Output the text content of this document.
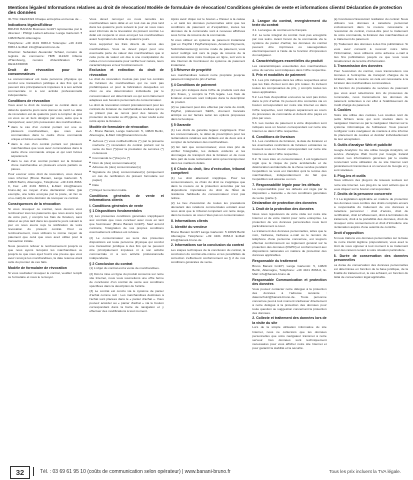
Mentions légales/ Informations relatives au droit de révocation/ Modèle de formulaire de révocation/ Conditions générales de vente et informations clients/ Déclaration de protection des données

ID-TVA: DE223324 Chaque entreprise est tenue de ...

Indications légales/Editeur

BRUNO BANANI Business GmbH représentée par le directeur : Philipp Liebert adresse: Lange Gartenstr. 5 10829 Berlin Allemagne

Téléphone: +49 4101 8063-0 Télécopie: +49 4101 8063-1 E-Mail: info@banani-bruno.de

Direction: Sebastian Alexander Schaul, numéro de registre de commerce: HRB 112420 tribunal d'Hambourg, numéro d'identification TVA DE113330098

Droit de révocation pour les consommateurs

Le consommateur est toute personne physique qui conclut une transaction juridique à des fins qui ne peuvent être principalement imputées ni à son activité commerciale ni à son activité professionnelle indépendante.

Conditions de révocation

Vous avez le droit de révoquer ce contrat dans un délai de quatorze jours sans donner de motif. Le délai de révocation est de quatorze jours à compter du jour où vous ou un tiers désigné par vous, autre que le transporteur, avez pris possession des marchandises.

■ dans le cas d'un contrat portant sur une ou plusieurs marchandises, que vous avez commandées dans le cadre d'une commande unique et livrées ensemble.

■ dans le cas d'un contrat portant sur plusieurs marchandises que vous avez commandées dans le cadre d'une commande unique et qui sont livrées séparément.

■ dans le cas d'un contrat portant sur la livraison d'une marchandise en plusieurs envois partiels ou pièces.

Pour exercer votre droit de révocation, vous devez nous informer (Bruno Banani, Lange Gartenstr. 5, 10829 Berlin, Allemagne, Téléphone: +49 4101 8063-0, Fax: +49 4101 8063-1, E-Mail: info@banani-bruno.de) au moyen d'une déclaration claire (par exemple, une lettre envoyée par la poste, un fax ou un e-mail) de votre décision de révoquer ce contrat.

Conséquences de la révocation

Si vous révoquez ce contrat, nous devons vous rembourser tous les paiements que nous avons reçus de votre part, y compris les frais de livraison, sans délai et au plus tard dans les quatorze jours suivant le jour où nous avons reçu la notification de votre révocation du présent contrat. Pour ce remboursement, nous utilisons le même moyen de paiement que celui que vous avez utilisé pour la transaction initiale.

Nous pouvons refuser le remboursement jusqu'à ce que nous ayons récupéré les marchandises ou jusqu'à ce que vous ayez fourni une preuve que vous avez renvoyé les marchandises, la date retenue étant celle du premier de ces faits.

Modèle de formulaire de révocation

Si vous souhaitez révoquer le contrat, veuillez remplir ce formulaire et nous le renvoyer.

Vous devez renvoyer ou nous remettre les marchandises sans délai et en tout cas au plus tard dans les quatorze jours suivant le jour où vous nous avez informés de la révocation du présent contrat. Le délai est respecté si vous envoyez les marchandises avant l'expiration du délai de quatorze jours.

Vous supportez les frais directs de renvoi des marchandises. Vous ne devez payer pour une éventuelle perte de valeur des marchandises que si cette perte de valeur est due à une manipulation de celles-ci non nécessaire pour vérifier leur nature, leurs caractéristiques et leur fonctionnement.

Exclusion et extinction du droit de révocation

Le droit de révocation n'existe pas pour les contrats de livraison de marchandises qui ne sont pas préfabriquées et pour la fabrication desquelles un choix ou une détermination individuelle par le consommateur est déterminant ou qui sont clairement adaptées aux besoins personnels du consommateur.

Le droit de révocation s'éteint prématurément pour les contrats de livraison de marchandises scellées qui ne se prêtent pas au renvoi pour des raisons de protection de la santé ou d'hygiène, si leur scellé a été retiré après la livraison.

Modèle de formulaire de révocation

A : Bruno Banani, Lange Gartenstr. 5, 10829 Berlin, Allemagne, E-Mail: info@banani-bruno.de

■ Je/nous (*) vous notifie/notifions (*) par la présente ma/notre (*) révocation du contrat portant sur la vente du bien (*)/pour la prestation de services (*) ci-dessous

■ Commandé le (*)/reçu le (*)

■ Nom du (des) consommateur(s)

■ Adresse du (des) consommateur(s)

■ Signature du (des) consommateur(s) (uniquement en cas de notification du présent formulaire sur papier)

■ Date

(*) Rayez la mention inutile.

Conditions générales de vente et informations clients
I. Conditions générales de vente
§ 1 Dispositions fondamentales

(1) Les présentes conditions générales s'appliquent aux contrats que vous concluez avec nous en tant que fournisseur (Bruno Banani GmbH). Sauf accord contraire, l'intégration de vos propres conditions éventuellement utilisées est refusée.

(2) Le consommateur au sens des présentes dispositions est toute personne physique qui conclut une transaction juridique à des fins qui ne peuvent être principalement imputées ni à son activité commerciale ni à son activité professionnelle indépendante.

§ 2 Conclusion du contrat

(1) L'objet du contrat est la vente de marchandises.

(2) Dès la mise en ligne du produit concerné sur notre site Internet, nous vous soumettons une offre ferme de conclusion d'un contrat de vente aux conditions spécifiées dans la description de l'article.

(3) Le contrat est conclu via le système de panier d'achat comme suit : Les marchandises destinées à l'achat sont placées dans le « panier d'achat ». Vous pouvez accéder au « panier d'achat » via le bouton correspondant dans la barre de navigation et y effectuer des modifications à tout moment.

Après avoir cliqué sur le bouton « Passer à la caisse » et saisi les données personnelles ainsi que les conditions de paiement et d'expédition, toutes les données de la commande sont à nouveau affichées sous forme de résumé de la commande.

Si vous utilisez un système de paiement instantané (par ex. PayPal / PayPal Express, Amazon Payments, Sofortüberweisung) comme mode de paiement, vous serez redirigé soit vers la page de résumé de la commande dans notre boutique en ligne, soit vers le site Internet du fournisseur du système de paiement instantané.

§ 3 Réserve de propriété

Les marchandises restent notre propriété jusqu'au paiement intégral du prix d'achat.

§ 4 Conditions de paiement

(1) Les prix indiqués dans l'offre de produits sont des prix finaux, y compris la TVA légale. Les frais de livraison éventuels sont indiqués dans la description du produit.

(2) Le paiement peut être effectué par carte de crédit, PayPal, prélèvement SEPA, virement bancaire anticipé ou sur facture selon les options proposées dans la boutique.

§ 5 Garantie

(1) Les droits de garantie légaux s'appliquent. Pour les consommateurs, le délai de prescription pour les réclamations relatives aux défauts est de deux ans à compter de la livraison des marchandises.

(2) En tant que consommateur, vous êtes prié de vérifier l'intégralité, les défauts évidents et les dommages de transport dès la livraison et de nous faire part de toute réclamation ainsi qu'au transporteur dans les meilleurs délais.

§ 6 Choix du droit, lieu d'exécution, tribunal compétent

(1) Le droit allemand s'applique. Pour les consommateurs, ce choix du droit ne s'applique que dans la mesure où la protection accordée par les dispositions impératives du droit de l'État de résidence habituelle du consommateur n'est pas retirée.

(2) Le lieu d'exécution de toutes les prestations découlant des relations commerciales existant avec nous ainsi que le tribunal compétent est notre siège, dans la mesure où vous n'êtes pas un consommateur.

II. Informations clients
1. Identité du vendeur

Bruno Banani GmbH Lange Gartenstr. 5 10829 Berlin Allemagne Téléphone: +49 4101 8063-0 E-Mail: info@banani-bruno.de

2. Informations sur la conclusion du contrat

Les étapes techniques de la conclusion du contrat, la conclusion du contrat elle-même et les possibilités de correction s'effectuent conformément au § 2 de nos conditions générales de vente.

3. Langue du contrat, enregistrement du texte du contrat

3.1. La langue du contrat est le français.

3.2. Le texte intégral du contrat n'est pas enregistré par nos soins. Avant l'envoi de la commande via le système de panier d'achat, les données du contrat peuvent être imprimées ou sauvegardées électroniquement à l'aide de la fonction d'impression du navigateur.

4. Caractéristiques essentielles du produit

Les caractéristiques essentielles des marchandises et/ou du service sont indiquées dans l'offre respective.

5. Prix et modalités de paiement

5.1. Les prix indiqués dans les offres respectives ainsi que les frais d'envoi sont des prix totaux. Ils incluent toutes les composantes de prix, y compris toutes les taxes applicables.

5.2. Les frais d'expédition encourus ne sont pas inclus dans le prix d'achat. Ils peuvent être consultés via un bouton correspondant sur notre site Internet ou dans l'offre respective, sont indiqués séparément au cours du processus de commande et doivent être payés en plus par vous.

5.3. Les modes de paiement à votre disposition sont indiqués sous un bouton correspondant sur notre site Internet ou dans l'offre respective.

6. Conditions de livraison

6.1. Les conditions de livraison, la date de livraison et les éventuelles restrictions de livraison existantes se trouvent sous un bouton correspondant sur notre site Internet ou dans l'offre respective.

6.2. Si vous êtes un consommateur, il est légalement réglé que le risque de perte accidentelle et de détérioration accidentelle de la chose vendue pendant l'expédition ne vous est transféré qu'à la remise des marchandises, indépendamment du fait que l'expédition soit assurée ou non.

7. Responsabilité légale pour les défauts

La responsabilité pour les défauts est régie par la disposition « Garantie » de nos conditions générales de vente (partie I).

Déclaration de protection des données
1. Droit de la protection des données

Nous nous réjouissons de votre visite sur notre site Internet et de votre intérêt pour notre entreprise. La protection de vos données personnelles nous tient particulièrement à cœur.

Le traitement des données personnelles, telles que le nom, l'adresse, l'adresse e-mail ou le numéro de téléphone d'une personne concernée, est toujours effectué conformément au règlement général sur la protection des données (RGPD) et conformément aux dispositions nationales en matière de protection des données applicables.

Responsable du traitement

Bruno Banani GmbH, Lange Gartenstr. 5, 10829 Berlin, Allemagne, Téléphone: +49 4101 8063-0, E-Mail: info@banani-bruno.de

Responsable Communication et protection des données

Vous pouvez contacter notre délégué à la protection des données à l'adresse suivante : datenschutz@banani-bruno.de. Toute personne concernée peut à tout moment s'adresser directement à notre délégué à la protection des données pour toute question ou suggestion concernant la protection des données.

2. Collecte et traitement des données lors de la visite du site

Lors de la simple utilisation informative du site Internet, nous ne collectons que les données personnelles que votre navigateur transmet à notre serveur. Ces données sont techniquement nécessaires pour vous afficher notre site Internet et pour garantir la stabilité et la sécurité.

(a) Conclusion/ Exécution/ résiliation du contrat: Nous utilisons vos données à caractère personnel exclusivement dans la mesure nécessaire à l'exécution du contrat, c'est-à-dire pour le traitement de votre commande, la livraison des marchandises et le traitement du paiement.

(b) Traitement des données à des fins publicitaires: Si vous avez consenti à recevoir notre lettre d'information, nous utilisons votre adresse e-mail à des fins publicitaires jusqu'à ce que vous vous désabonniez de la lettre d'information.

3. Transmission des données

Pour l'exécution du contrat, nous transmettons vos données à l'entreprise de transport chargée de la livraison, dans la mesure où cela est nécessaire à la livraison des marchandises commandées.

En fonction du prestataire de services de paiement que vous avez sélectionné lors du processus de commande, nous transmettons les données de paiement collectées à cet effet à l'établissement de crédit chargé du paiement.

4. Cookies

Notre site utilise des cookies. Les cookies sont de petits fichiers texte qui sont stockés dans le navigateur Internet ou par le navigateur Internet sur le système informatique de l'utilisateur. Vous pouvez configurer votre navigateur de manière à être informé du placement de cookies et décider individuellement de leur acceptation.

5. Outils d'analyse Web et publicité

Google Analytics: Ce site utilise Google Analytics, un service d'analyse Web fourni par Google Ireland Limited. Les informations générées par le cookie concernant votre utilisation de ce site Internet sont généralement transmises à un serveur de Google et y sont stockées.

6. Plug-ins et outils

Nous utilisons des plug-ins de réseaux sociaux sur notre site Internet. Les plug-ins ne sont activés que si vous cliquez sur le bouton correspondant.

7. Droits de la personne concernée

7.1 La législation applicable en matière de protection des données vous confère des droits complets envers le responsable du traitement de vos données à caractère personnel : droit d'accès, droit de rectification, droit à l'effacement, droit à la limitation du traitement, droit à la portabilité des données, droit de révoquer votre consentement et droit d'introduire une réclamation auprès d'une autorité de contrôle.

Droit d'opposition

Si nous traitons vos données personnelles sur la base de notre intérêt légitime prépondérant, vous avez le droit de vous opposer à tout moment à ce traitement pour des raisons tenant à votre situation particulière.

8. Durée de conservation des données personnelles

La durée de conservation des données personnelles est déterminée en fonction de la base juridique, de la finalité du traitement et, le cas échéant, en fonction du délai de conservation légal applicable.

32	Tél. : 03 69 61 95 10 (coûts de communication selon opérateur) | www.banani-bruno.fr	Tous les prix incluent la TVA légale.
